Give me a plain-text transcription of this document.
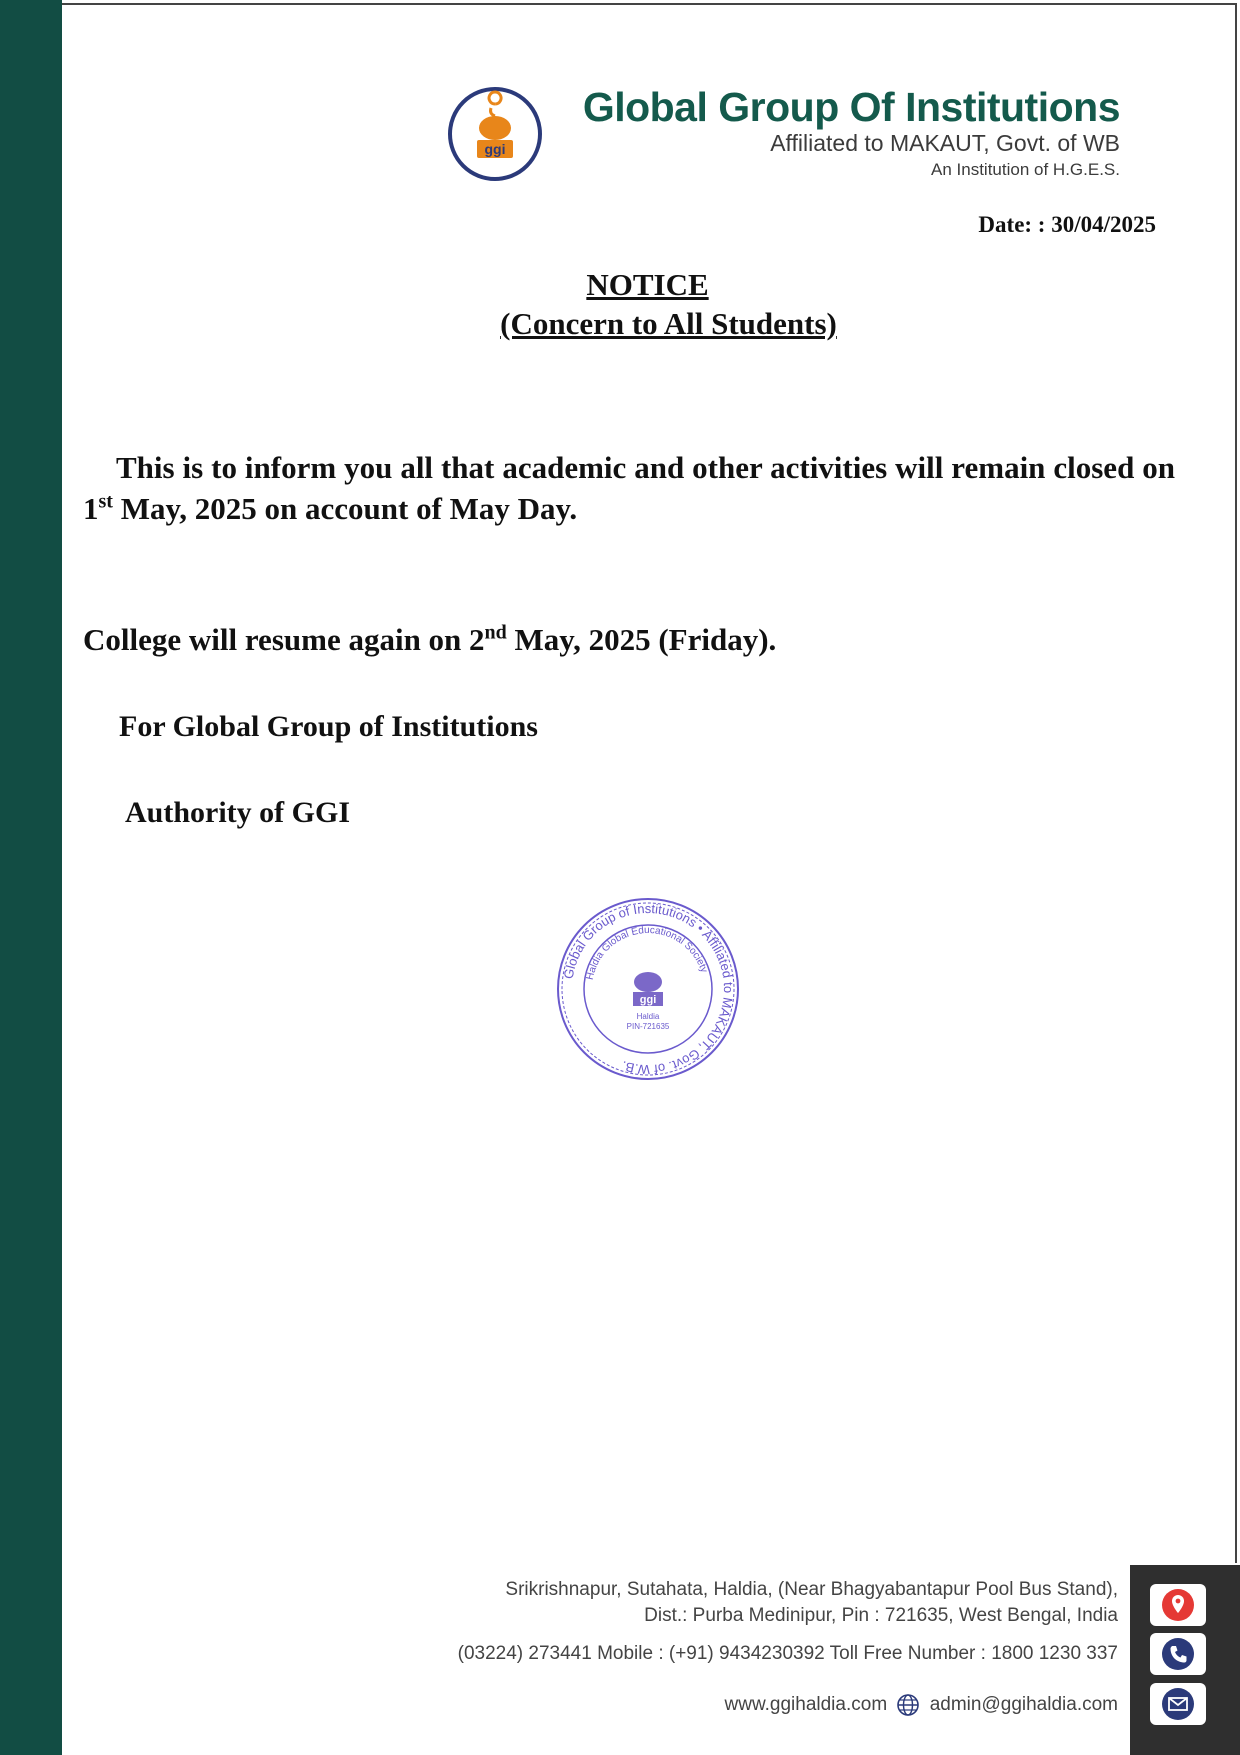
ggi
Global Group Of Institutions
Affiliated to MAKAUT, Govt. of WB
An Institution of H.G.E.S.
Date: : 30/04/2025
NOTICE
(Concern to All Students)
This is to inform you all that academic and other activities will remain closed on 1st May, 2025 on account of May Day.
College will resume again on 2nd May, 2025 (Friday).
For Global Group of Institutions
Authority of GGI
Global Group of Institutions • Affiliated to MAKAUT, Govt. of W.B.
Haldia Global Educational Society
ggi
Haldia
PIN-721635
Srikrishnapur, Sutahata, Haldia, (Near Bhagyabantapur Pool Bus Stand),
Dist.: Purba Medinipur, Pin : 721635, West Bengal, India
(03224) 273441 Mobile : (+91) 9434230392 Toll Free Number : 1800 1230 337
www.ggihaldia.com admin@ggihaldia.com
